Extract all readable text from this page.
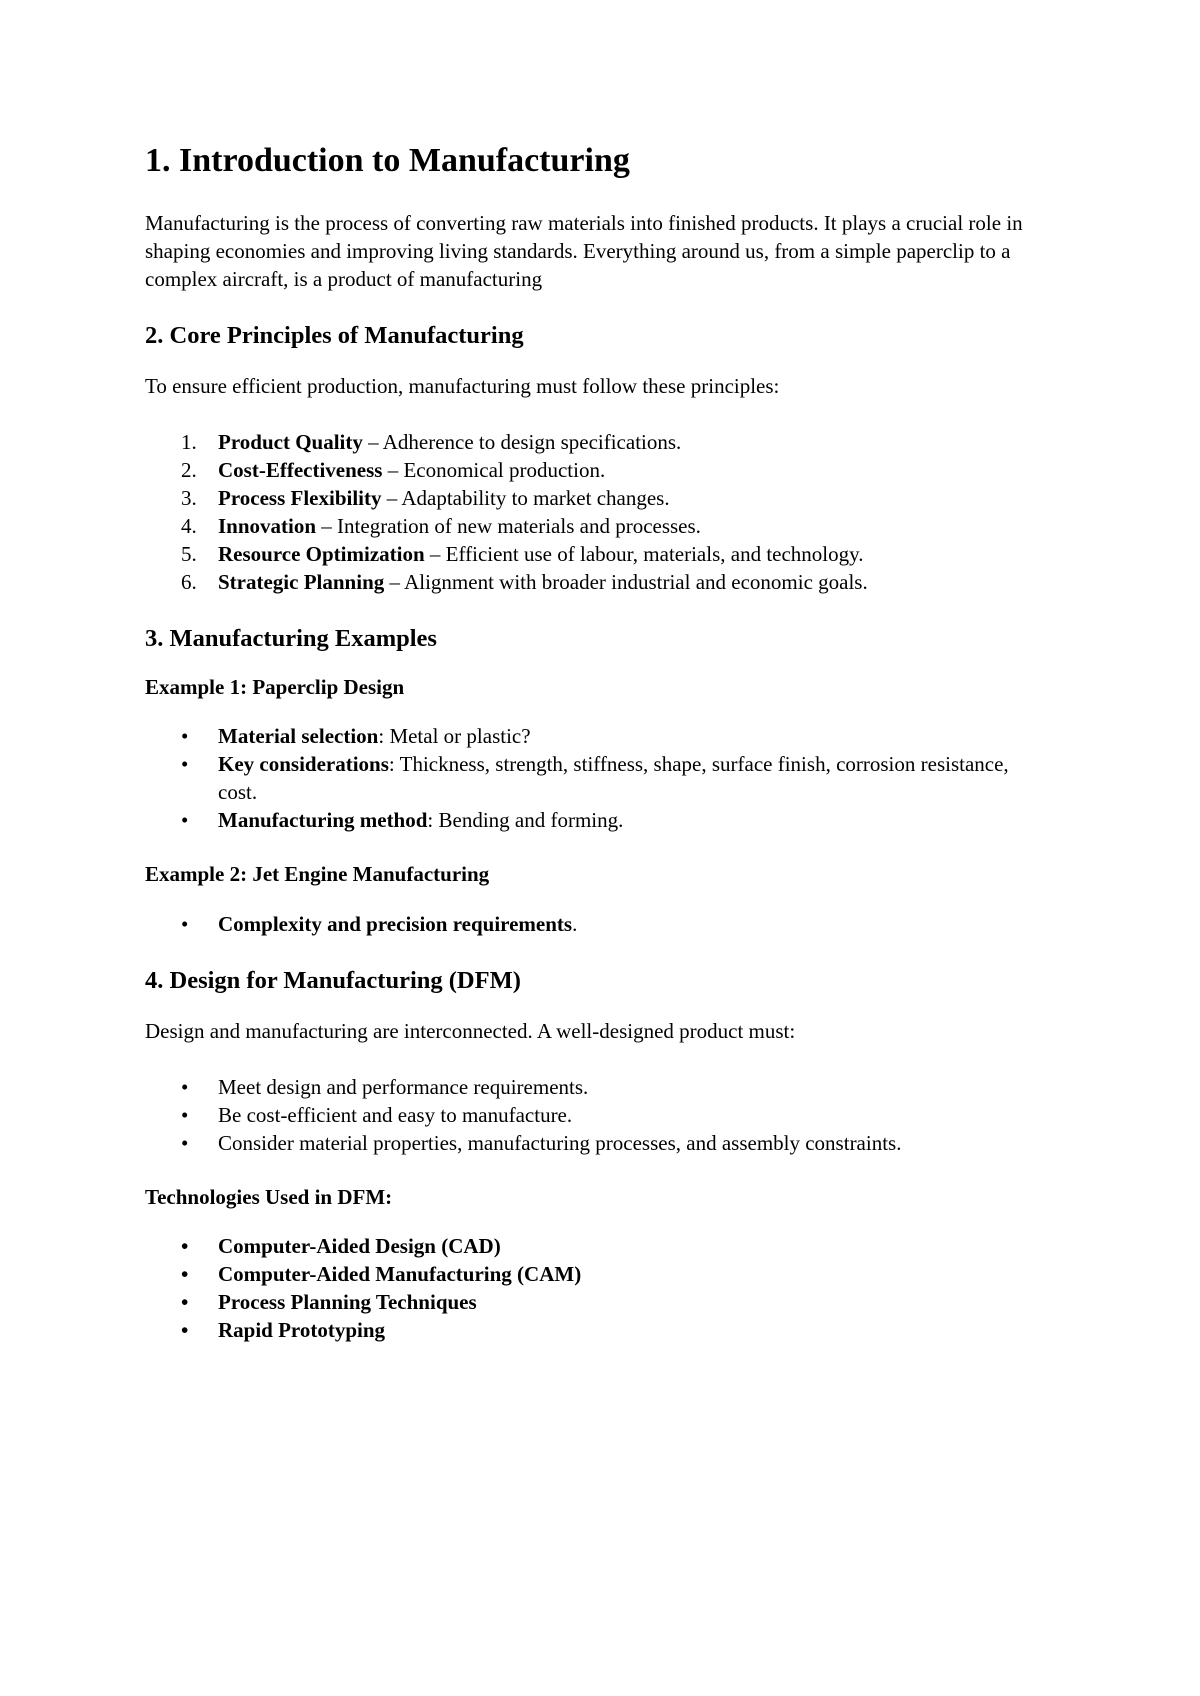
1. Introduction to Manufacturing

Manufacturing is the process of converting raw materials into finished products. It plays a crucial role in shaping economies and improving living standards. Everything around us, from a simple paperclip to a complex aircraft, is a product of manufacturing

2. Core Principles of Manufacturing

To ensure efficient production, manufacturing must follow these principles:

1. Product Quality – Adherence to design specifications.
2. Cost-Effectiveness – Economical production.
3. Process Flexibility – Adaptability to market changes.
4. Innovation – Integration of new materials and processes.
5. Resource Optimization – Efficient use of labour, materials, and technology.
6. Strategic Planning – Alignment with broader industrial and economic goals.
3. Manufacturing Examples
Example 1: Paperclip Design
• Material selection: Metal or plastic?
• Key considerations: Thickness, strength, stiffness, shape, surface finish, corrosion resistance, cost.
• Manufacturing method: Bending and forming.
Example 2: Jet Engine Manufacturing
• Complexity and precision requirements.
4. Design for Manufacturing (DFM)

Design and manufacturing are interconnected. A well-designed product must:

• Meet design and performance requirements.
• Be cost-efficient and easy to manufacture.
• Consider material properties, manufacturing processes, and assembly constraints.
Technologies Used in DFM:
• Computer-Aided Design (CAD)
• Computer-Aided Manufacturing (CAM)
• Process Planning Techniques
• Rapid Prototyping
